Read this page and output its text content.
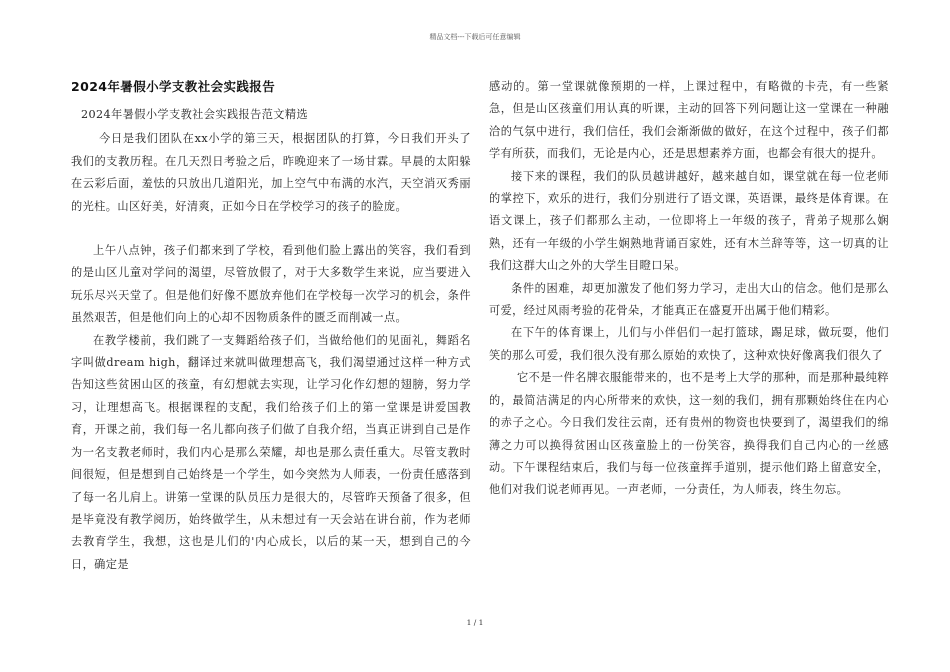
精品文档---下载后可任意编辑
2024年暑假小学支教社会实践报告

2024年暑假小学支教社会实践报告范文精选

今日是我们团队在xx小学的第三天，根据团队的打算，今日我们开头了我们的支教历程。在几天烈日考验之后，昨晚迎来了一场甘霖。早晨的太阳躲在云彩后面，羞怯的只放出几道阳光，加上空气中布满的水汽，天空消灭秀丽的光柱。山区好美，好清爽，正如今日在学校学习的孩子的脸庞。

上午八点钟，孩子们都来到了学校，看到他们脸上露出的笑容，我们看到的是山区儿童对学问的渴望，尽管放假了，对于大多数学生来说，应当要进入玩乐尽兴天堂了。但是他们好像不愿放弃他们在学校每一次学习的机会，条件虽然艰苦，但是他们向上的心却不因物质条件的匮乏而削减一点。

在教学楼前，我们跳了一支舞蹈给孩子们，当做给他们的见面礼，舞蹈名字叫做dream high，翻译过来就叫做理想高飞，我们渴望通过这样一种方式告知这些贫困山区的孩童，有幻想就去实现，让学习化作幻想的翅膀，努力学习，让理想高飞。根据课程的支配，我们给孩子们上的第一堂课是讲爱国教育，开课之前，我们每一名儿都向孩子们做了自我介绍，当真正讲到自己是作为一名支教老师时，我们内心是那么荣耀，却也是那么责任重大。尽管支教时间很短，但是想到自己始终是一个学生，如今突然为人师表，一份责任感落到了每一名儿肩上。讲第一堂课的队员压力是很大的，尽管昨天预备了很多，但是毕竟没有教学阅历，始终做学生，从未想过有一天会站在讲台前，作为老师去教育学生，我想，这也是儿们的'内心成长，以后的某一天，想到自己的今日，确定是

感动的。第一堂课就像预期的一样，上课过程中，有略微的卡壳，有一些紧急，但是山区孩童们用认真的听课，主动的回答下列问题让这一堂课在一种融洽的气氛中进行，我们信任，我们会渐渐做的做好，在这个过程中，孩子们都学有所获，而我们，无论是内心，还是思想素养方面，也都会有很大的提升。

接下来的课程，我们的队员越讲越好，越来越自如，课堂就在每一位老师的掌控下，欢乐的进行，我们分别进行了语文课，英语课，最终是体育课。在语文课上，孩子们都那么主动，一位即将上一年级的孩子，背弟子规那么娴熟，还有一年级的小学生娴熟地背诵百家姓，还有木兰辞等等，这一切真的让我们这群大山之外的大学生目瞪口呆。

条件的困难，却更加激发了他们努力学习，走出大山的信念。他们是那么可爱，经过风雨考验的花骨朵，才能真正在盛夏开出属于他们精彩。

在下午的体育课上，儿们与小伴侣们一起打篮球，踢足球，做玩耍，他们笑的那么可爱，我们很久没有那么原始的欢快了，这种欢快好像离我们很久了

它不是一件名牌衣服能带来的，也不是考上大学的那种，而是那种最纯粹的，最简洁满足的内心所带来的欢快，这一刻的我们，拥有那颗始终住在内心的赤子之心。今日我们发往云南，还有贵州的物资也快要到了，渴望我们的绵薄之力可以换得贫困山区孩童脸上的一份笑容，换得我们自己内心的一丝感动。下午课程结束后，我们与每一位孩童挥手道别，提示他们路上留意安全，他们对我们说老师再见。一声老师，一分责任，为人师表，终生勿忘。

1 / 1
